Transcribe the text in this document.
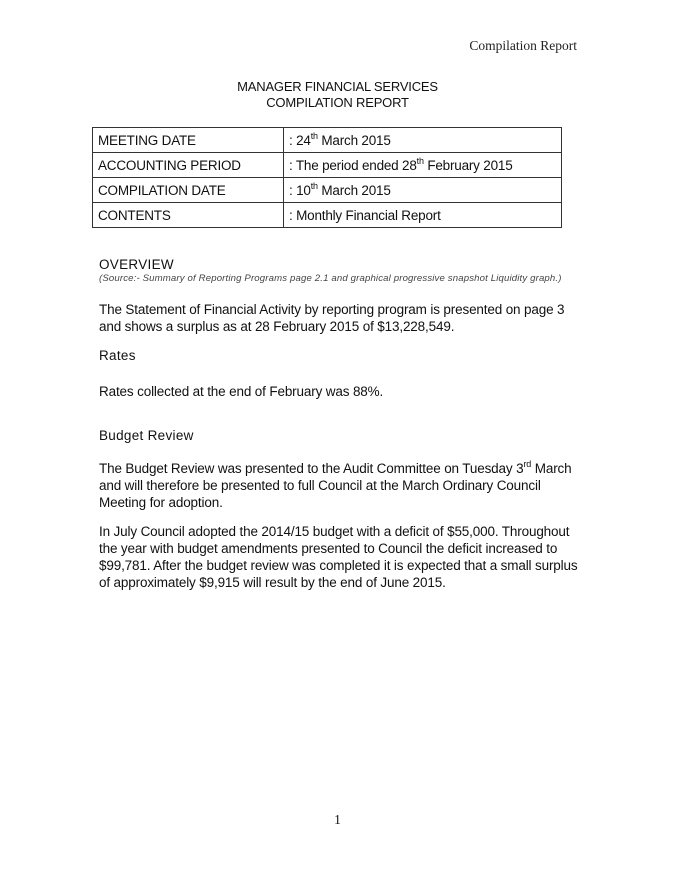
Compilation Report
MANAGER FINANCIAL SERVICES
COMPILATION REPORT
MEETING DATE	: 24th March 2015
ACCOUNTING PERIOD	: The period ended 28th February 2015
COMPILATION DATE	: 10th March 2015
CONTENTS	: Monthly Financial Report
OVERVIEW
(Source:- Summary of Reporting Programs page 2.1 and graphical progressive snapshot Liquidity graph.)

The Statement of Financial Activity by reporting program is presented on page 3 and shows a surplus as at 28 February 2015 of $13,228,549.

Rates

Rates collected at the end of February was 88%.

Budget Review

The Budget Review was presented to the Audit Committee on Tuesday 3rd March and will therefore be presented to full Council at the March Ordinary Council Meeting for adoption.

In July Council adopted the 2014/15 budget with a deficit of $55,000. Throughout the year with budget amendments presented to Council the deficit increased to $99,781. After the budget review was completed it is expected that a small surplus of approximately $9,915 will result by the end of June 2015.

1
